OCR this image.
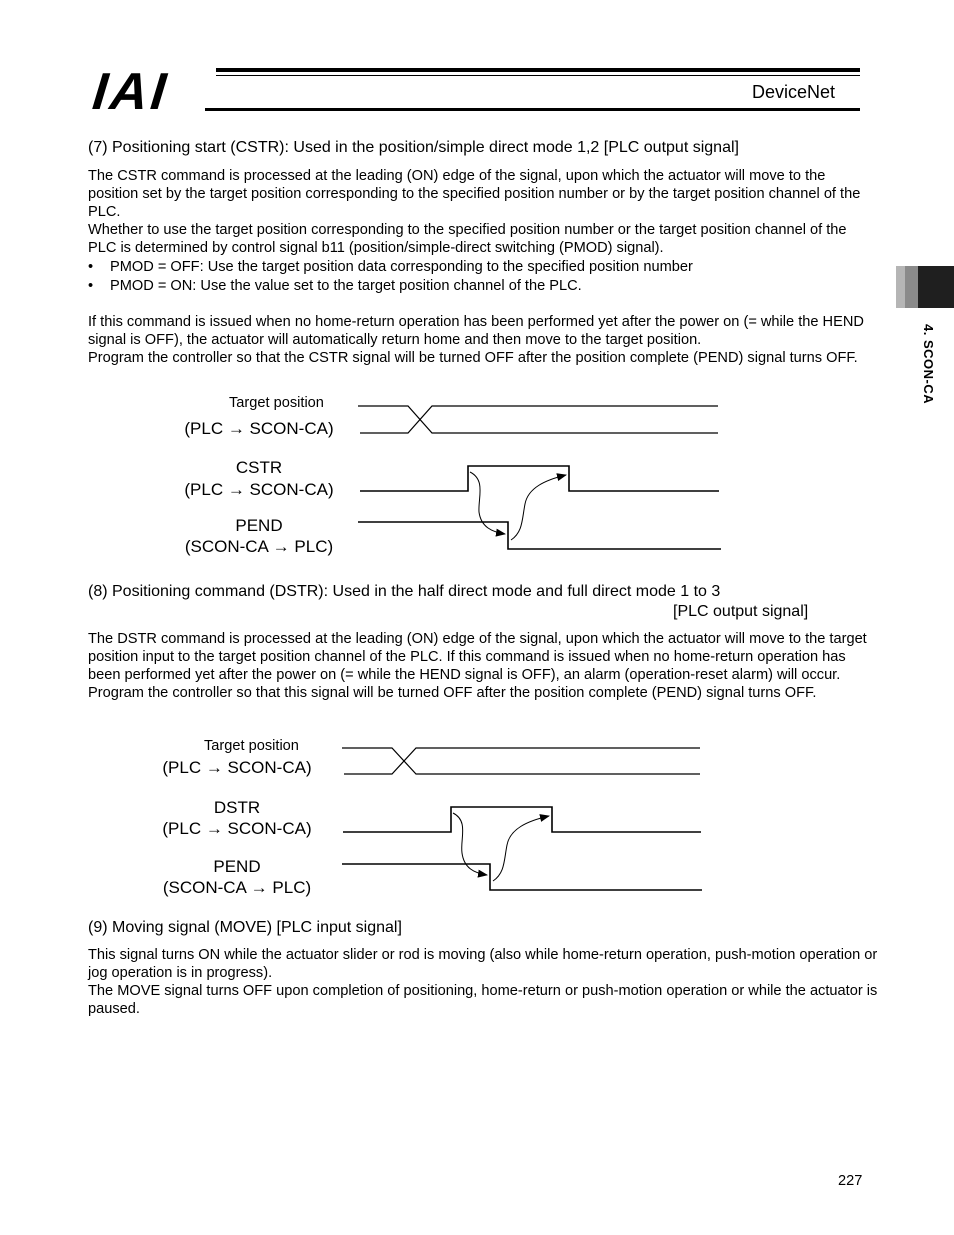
IAI	DeviceNet
4. SCON-CA
(7) Positioning start (CSTR): Used in the position/simple direct mode 1,2 [PLC output signal]

The CSTR command is processed at the leading (ON) edge of the signal, upon which the actuator will move to the position set by the target position corresponding to the specified position number or by the target position channel of the PLC.

Whether to use the target position corresponding to the specified position number or the target position channel of the PLC is determined by control signal b11 (position/simple-direct switching (PMOD) signal).

• PMOD = OFF: Use the target position data corresponding to the specified position number
• PMOD = ON: Use the value set to the target position channel of the PLC.

If this command is issued when no home-return operation has been performed yet after the power on (= while the HEND signal is OFF), the actuator will automatically return home and then move to the target position.

Program the controller so that the CSTR signal will be turned OFF after the position complete (PEND) signal turns OFF.

Target position
(PLC → SCON-CA)
CSTR
(PLC → SCON-CA)
PEND
(SCON-CA → PLC)
(8) Positioning command (DSTR): Used in the half direct mode and full direct mode 1 to 3
[PLC output signal]

The DSTR command is processed at the leading (ON) edge of the signal, upon which the actuator will move to the target position input to the target position channel of the PLC. If this command is issued when no home-return operation has been performed yet after the power on (= while the HEND signal is OFF), an alarm (operation-reset alarm) will occur.

Program the controller so that this signal will be turned OFF after the position complete (PEND) signal turns OFF.

Target position
(PLC → SCON-CA)
DSTR
(PLC → SCON-CA)
PEND
(SCON-CA → PLC)
(9) Moving signal (MOVE) [PLC input signal]

This signal turns ON while the actuator slider or rod is moving (also while home-return operation, push-motion operation or jog operation is in progress).

The MOVE signal turns OFF upon completion of positioning, home-return or push-motion operation or while the actuator is paused.

227
